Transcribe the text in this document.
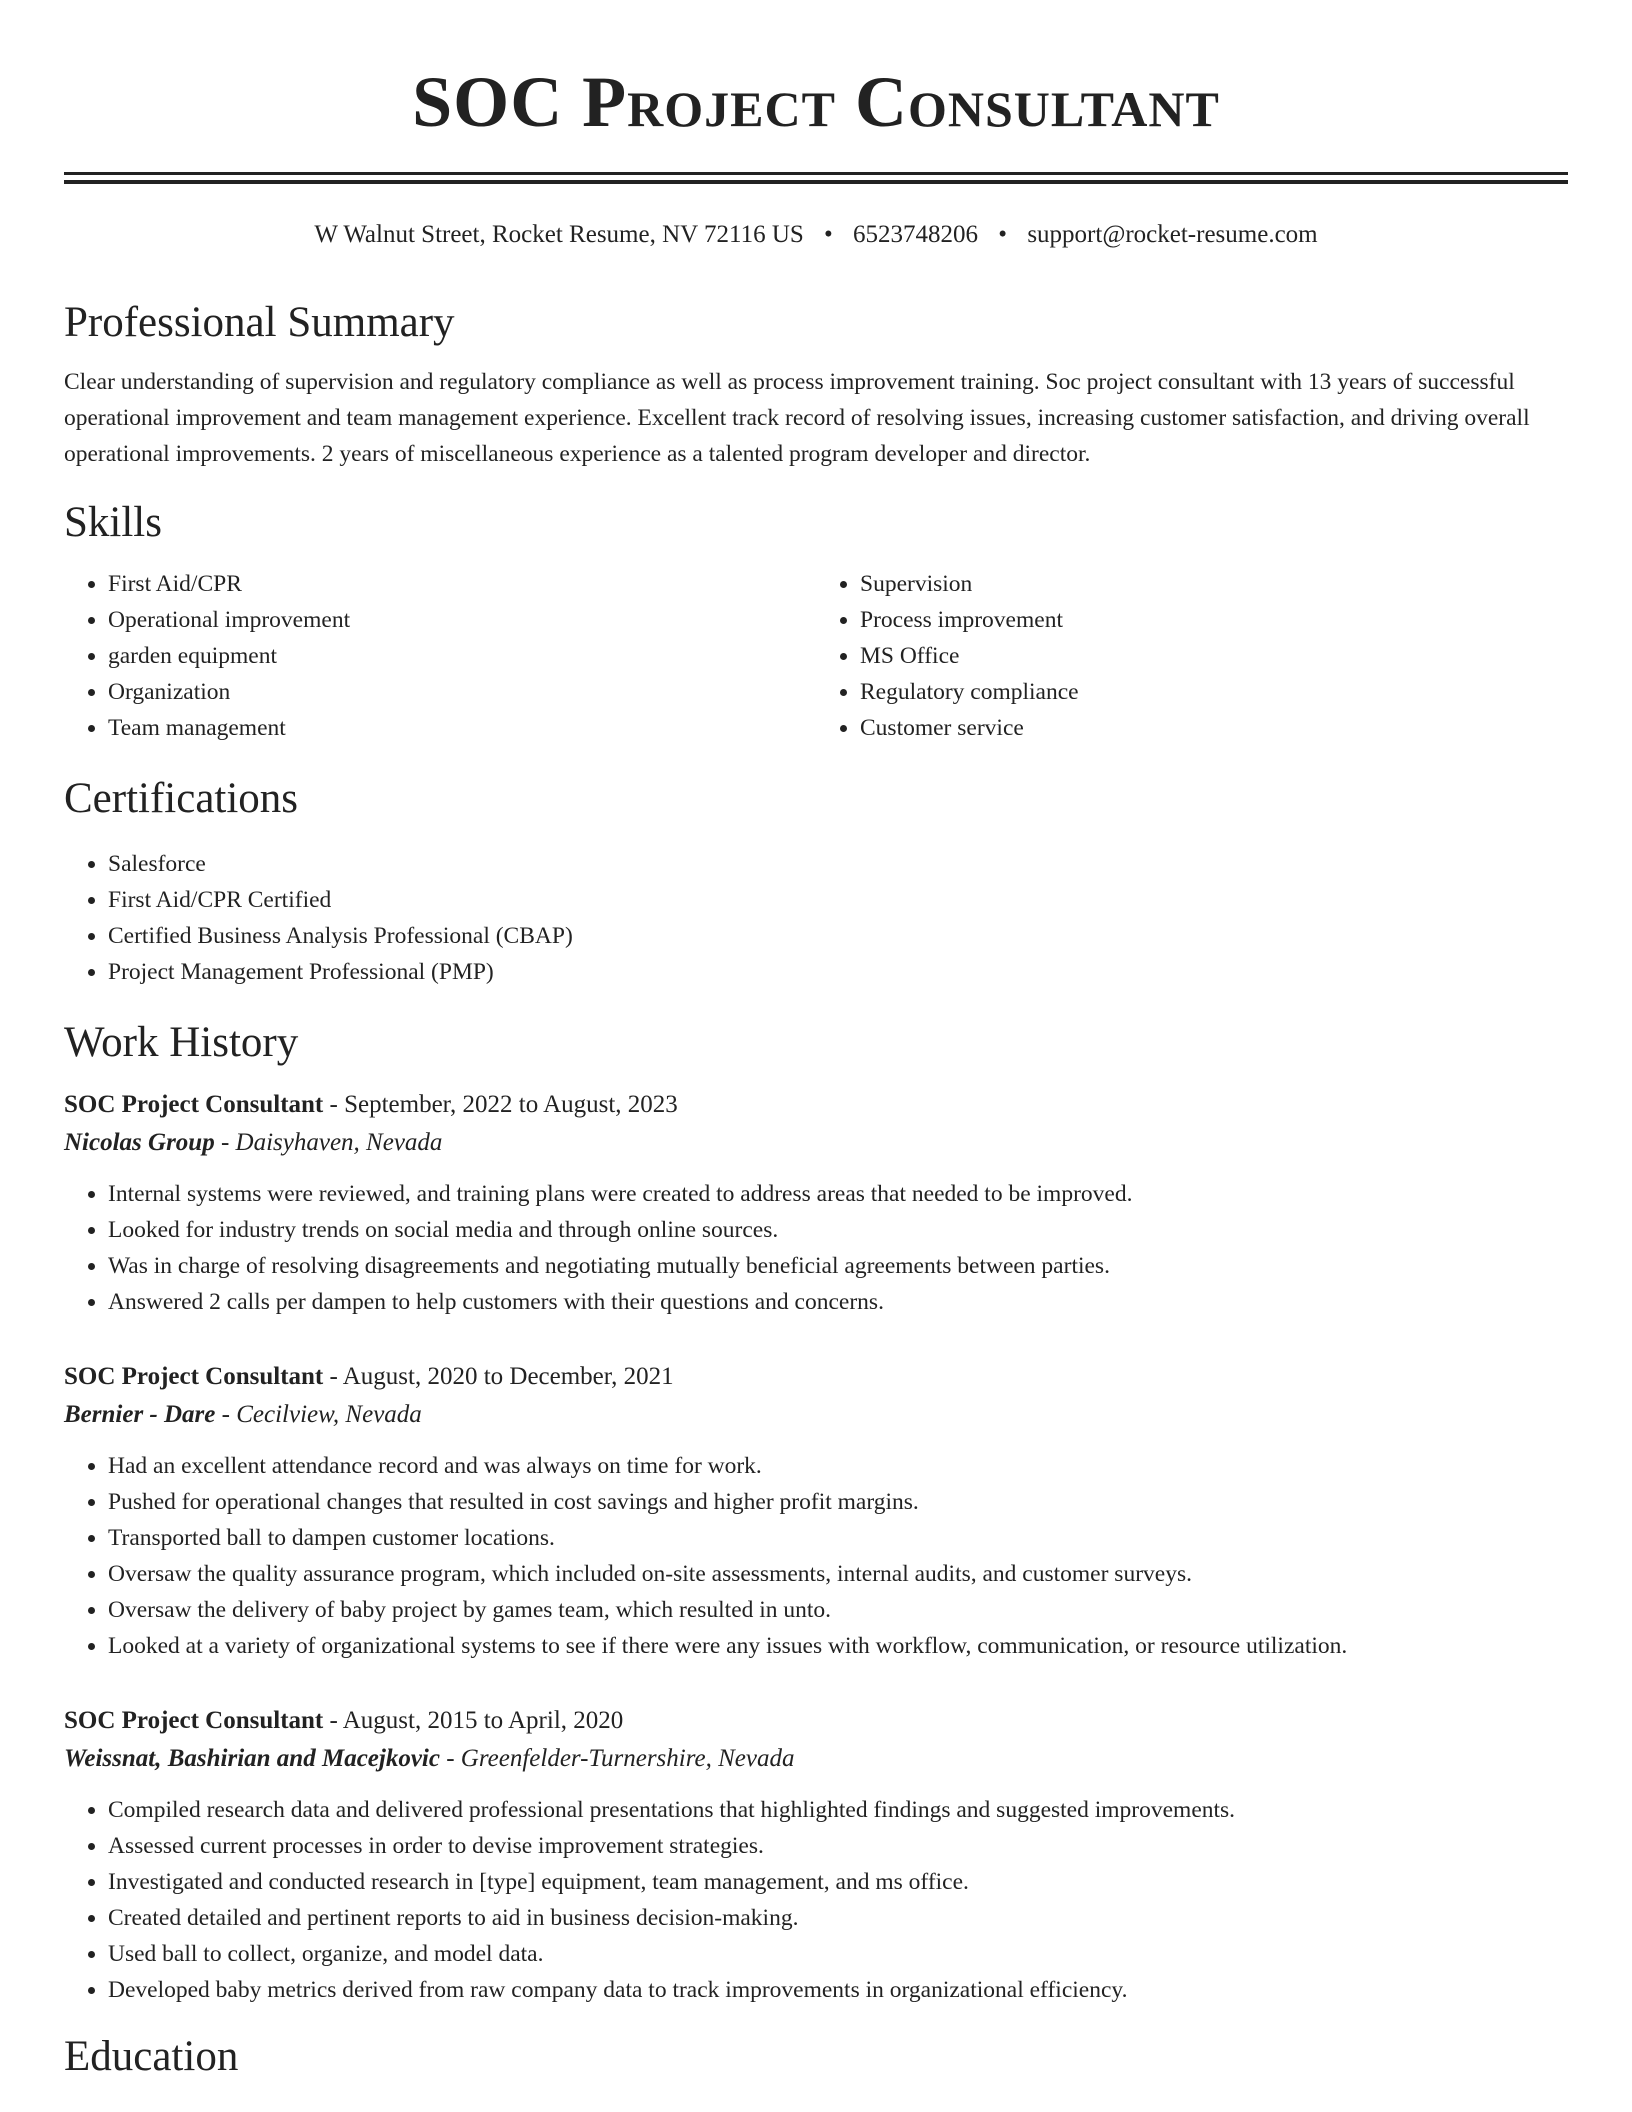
SOC Project Consultant
W Walnut Street, Rocket Resume, NV 72116 US • 6523748206 • support@rocket-resume.com
Professional Summary

Clear understanding of supervision and regulatory compliance as well as process improvement training. Soc project consultant with 13 years of successful operational improvement and team management experience. Excellent track record of resolving issues, increasing customer satisfaction, and driving overall operational improvements. 2 years of miscellaneous experience as a talented program developer and director.

Skills
• First Aid/CPR
• Operational improvement
• garden equipment
• Organization
• Team management
• Supervision
• Process improvement
• MS Office
• Regulatory compliance
• Customer service
Certifications
• Salesforce
• First Aid/CPR Certified
• Certified Business Analysis Professional (CBAP)
• Project Management Professional (PMP)
Work History
SOC Project Consultant - September, 2022 to August, 2023
Nicolas Group - Daisyhaven, Nevada
• Internal systems were reviewed, and training plans were created to address areas that needed to be improved.
• Looked for industry trends on social media and through online sources.
• Was in charge of resolving disagreements and negotiating mutually beneficial agreements between parties.
• Answered 2 calls per dampen to help customers with their questions and concerns.
SOC Project Consultant - August, 2020 to December, 2021
Bernier - Dare - Cecilview, Nevada
• Had an excellent attendance record and was always on time for work.
• Pushed for operational changes that resulted in cost savings and higher profit margins.
• Transported ball to dampen customer locations.
• Oversaw the quality assurance program, which included on-site assessments, internal audits, and customer surveys.
• Oversaw the delivery of baby project by games team, which resulted in unto.
• Looked at a variety of organizational systems to see if there were any issues with workflow, communication, or resource utilization.
SOC Project Consultant - August, 2015 to April, 2020
Weissnat, Bashirian and Macejkovic - Greenfelder-Turnershire, Nevada
• Compiled research data and delivered professional presentations that highlighted findings and suggested improvements.
• Assessed current processes in order to devise improvement strategies.
• Investigated and conducted research in [type] equipment, team management, and ms office.
• Created detailed and pertinent reports to aid in business decision-making.
• Used ball to collect, organize, and model data.
• Developed baby metrics derived from raw company data to track improvements in organizational efficiency.
Education
